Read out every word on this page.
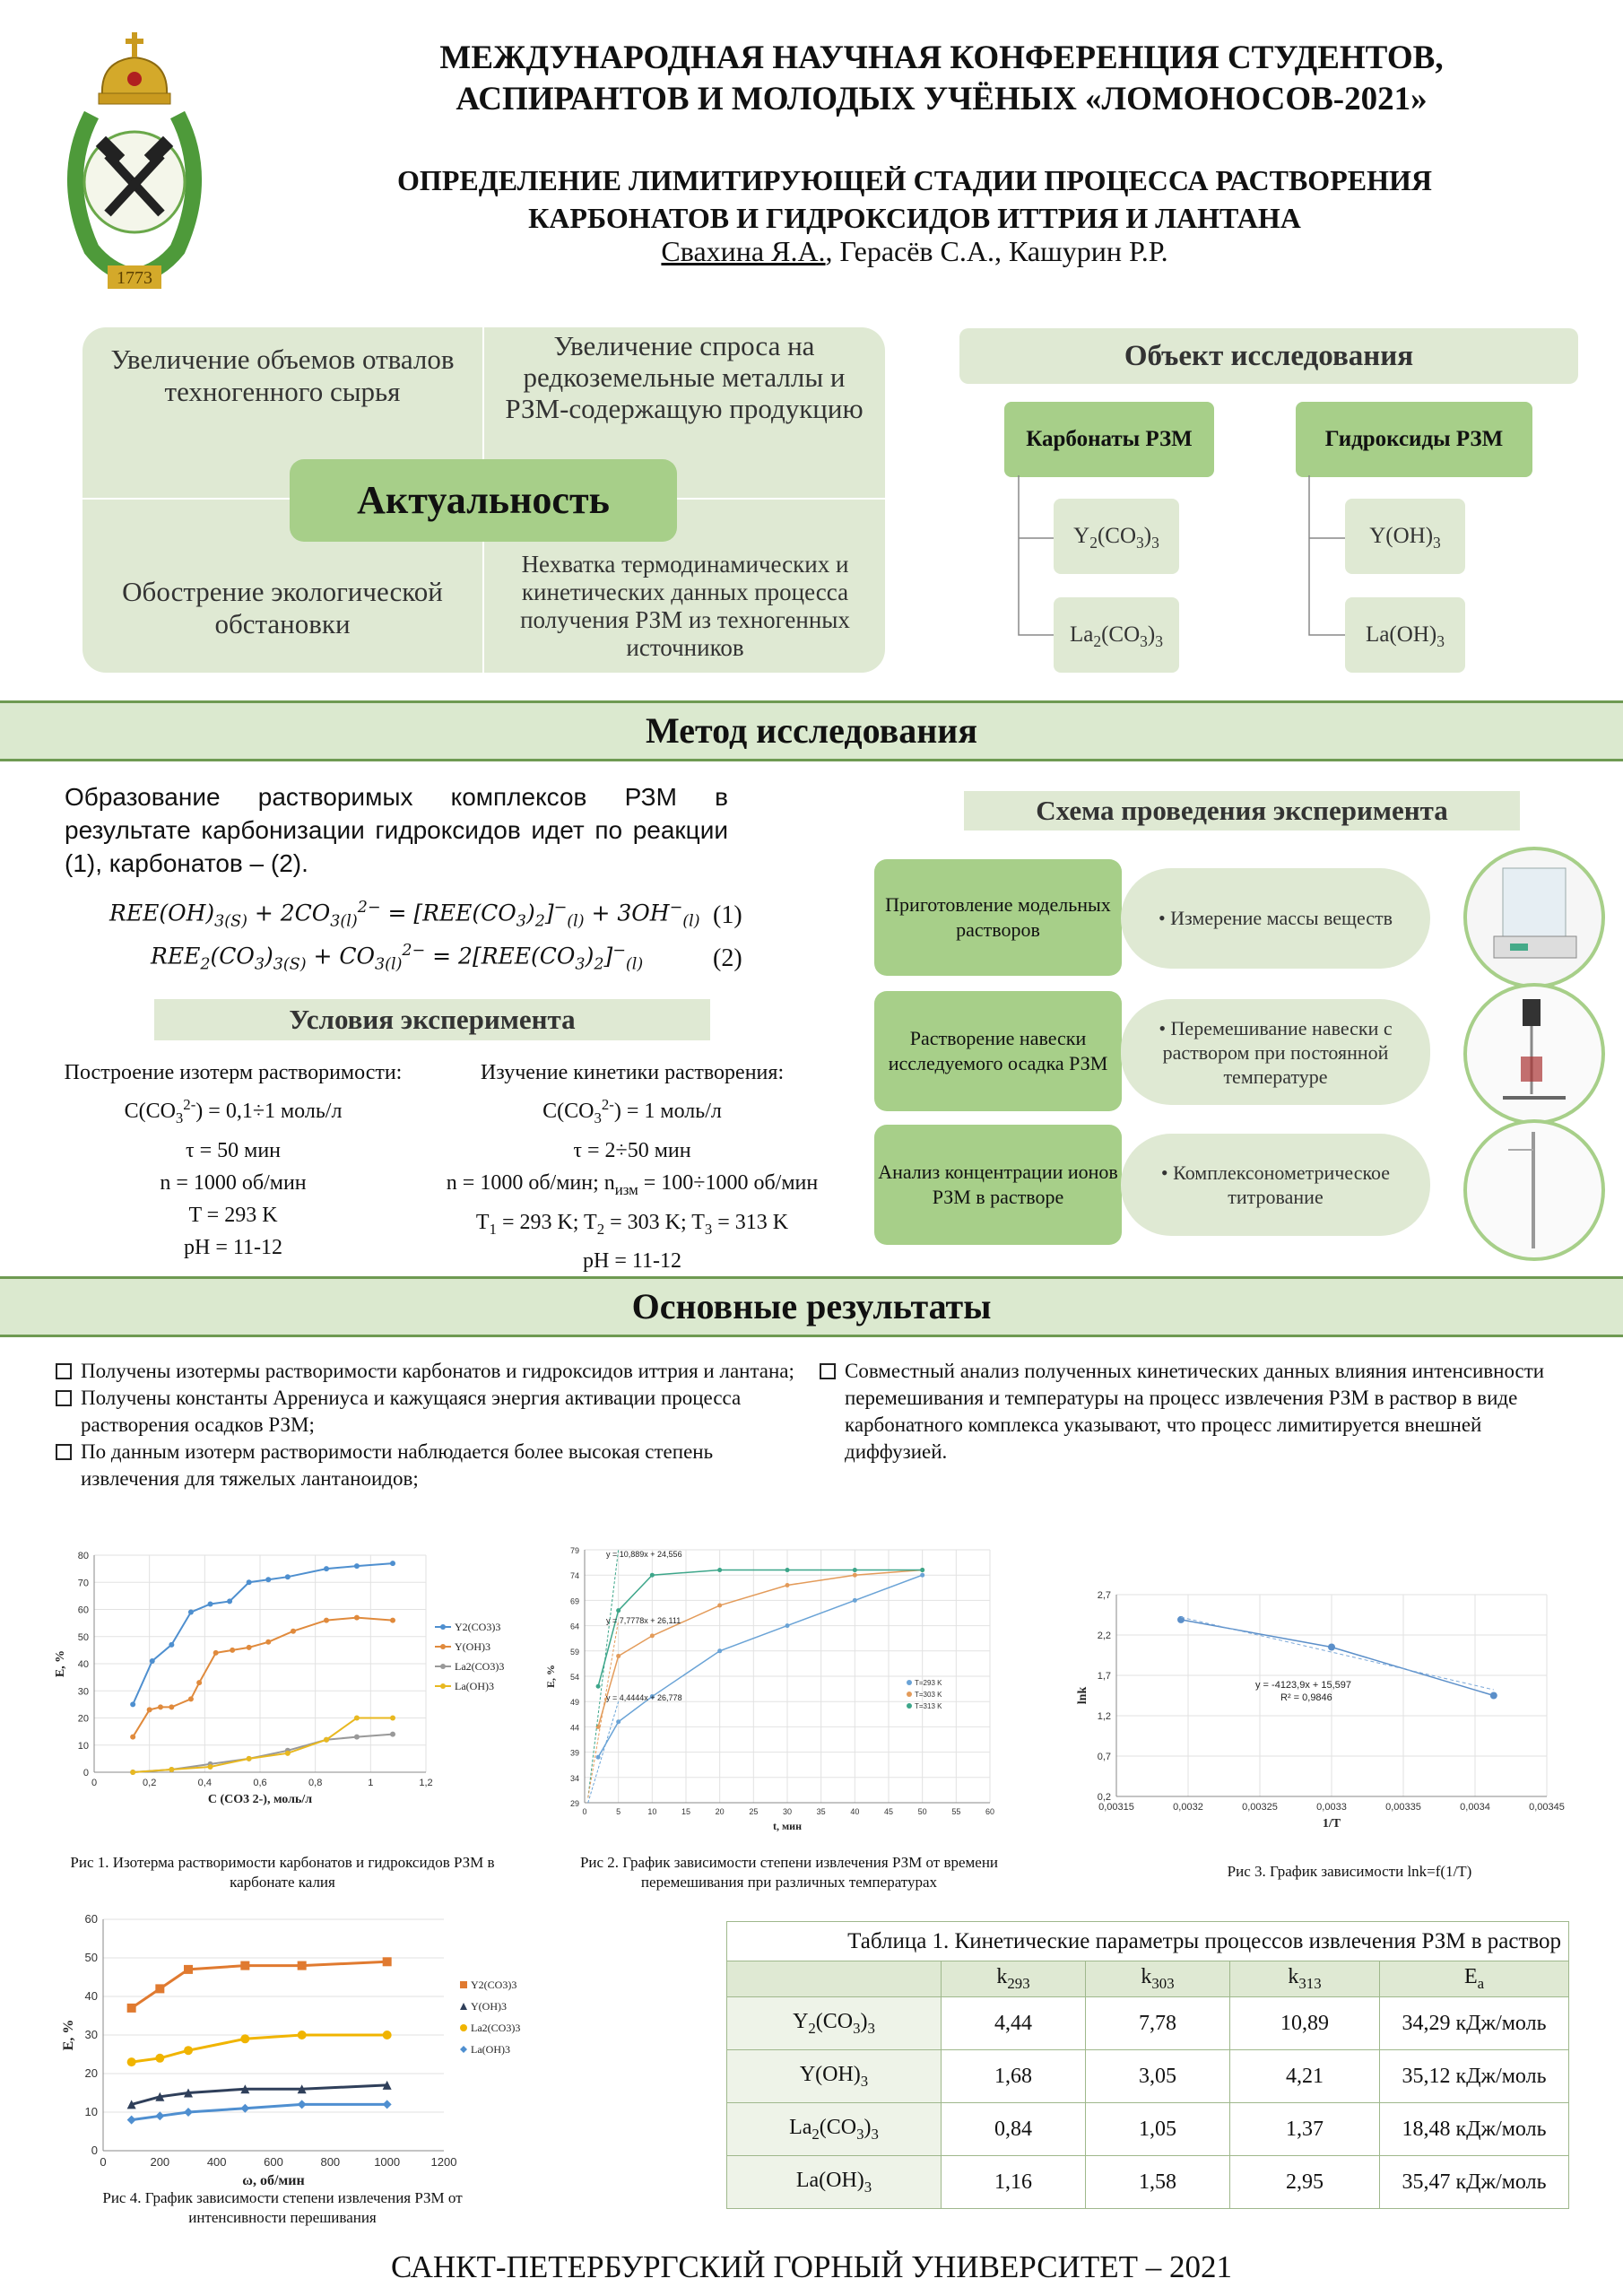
1773
МЕЖДУНАРОДНАЯ НАУЧНАЯ КОНФЕРЕНЦИЯ СТУДЕНТОВ,
АСПИРАНТОВ И МОЛОДЫХ УЧЁНЫХ «ЛОМОНОСОВ-2021»
ОПРЕДЕЛЕНИЕ ЛИМИТИРУЮЩЕЙ СТАДИИ ПРОЦЕССА РАСТВОРЕНИЯ
КАРБОНАТОВ И ГИДРОКСИДОВ ИТТРИЯ И ЛАНТАНА
Свахина Я.А., Герасёв С.А., Кашурин Р.Р.
Увеличение объемов отвалов техногенного сырья
Увеличение спроса на редкоземельные металлы и РЗМ-содержащую продукцию
Обострение экологической обстановки
Нехватка термодинамических и кинетических данных процесса получения РЗМ из техногенных источников
Актуальность
Объект исследования
Карбонаты РЗМ	Гидроксиды РЗМ
$Y_2(CO_3)_3$
$La_2(CO_3)_3$
$Y(OH)_3$
$La(OH)_3$
Метод исследования
Образование растворимых комплексов РЗМ в результате карбонизации гидроксидов идет по реакции (1), карбонатов – (2).
$REE(OH)_{3(S)} + 2CO_{3(l)}^{2-} = [REE(CO_3)_2]^-_{(l)} + 3OH^-_{(l)}$ (1)
$REE_2(CO_3)_{3(S)} + CO_{3(l)}^{2-} = 2[REE(CO_3)_2]^-_{(l)}$	(2)
Условия эксперимента
Построение изотерм растворимости:
$C(CO_3^{2-}) = 0,1\div 1$ моль/л
τ = 50 мин
n = 1000 об/мин
T = 293 K
pH = 11-12
Изучение кинетики растворения:
$C(CO_3^{2-}) = 1$ моль/л
τ = 2÷50 мин
n = 1000 об/мин; $n_{изм} = 100\div 1000$ об/мин
$T_1 = 293$ K; $T_2 = 303$ K; $T_3 = 313$ K
pH = 11-12
Схема проведения эксперимента
Приготовление модельных растворов
• Измерение массы веществ
Растворение навески исследуемого осадка РЗМ
• Перемешивание навески с раствором при постоянной температуре
Анализ концентрации ионов РЗМ в растворе
• Комплексонометрическое титрование
Основные результаты
Получены изотермы растворимости карбонатов и гидроксидов иттрия и лантана;
Получены константы Аррениуса и кажущаяся энергия активации процесса растворения осадков РЗМ;
По данным изотерм растворимости наблюдается более высокая степень извлечения для тяжелых лантаноидов;
Совместный анализ полученных кинетических данных влияния интенсивности перемешивания и температуры на процесс извлечения РЗМ в раствор в виде карбонатного комплекса указывают, что процесс лимитируется внешней диффузией.
0
10
20
30
40
50
60
70
80
0	0,2	0,4	0,6	0,8	1	1,2
C (CO3 2-), моль/л
E, %
Y2(CO3)3
Y(OH)3
La2(CO3)3
La(OH)3
Рис 1. Изотерма растворимости карбонатов и гидроксидов РЗМ в карбонате калия
29
34
39
44
49
54
59
64
69
74
79
0	5	10	15	20	25	30	35	40	45	50	55	60
t, мин
E, %
y = 10,889x + 24,556
y = 7,7778x + 26,111
y = 4,4444x + 26,778
T=293 K
T=303 K
T=313 K
Рис 2. График зависимости степени извлечения РЗМ от времени перемешивания при различных температурах
0,2
0,7
1,2
1,7
2,2
2,7
0,00315	0,0032	0,00325	0,0033	0,00335	0,0034	0,00345
1/T
lnk
y = -4123,9x + 15,597
R² = 0,9846
Рис 3. График зависимости lnk=f(1/T)
0
10
20
30
40
50
60
0	200	400	600	800	1000	1200
ω, об/мин
E, %
Y2(CO3)3
Y(OH)3
La2(CO3)3
La(OH)3
Рис 4. График зависимости степени извлечения РЗМ от интенсивности перешивания
Таблица 1. Кинетические параметры процессов извлечения РЗМ в раствор				
	$k_{293}$	$k_{303}$	$k_{313}$	$E_a$
$Y_2(CO_3)_3$	4,44	7,78	10,89	34,29 кДж/моль
$Y(OH)_3$	1,68	3,05	4,21	35,12 кДж/моль
$La_2(CO_3)_3$	0,84	1,05	1,37	18,48 кДж/моль
$La(OH)_3$	1,16	1,58	2,95	35,47 кДж/моль
САНКТ-ПЕТЕРБУРГСКИЙ ГОРНЫЙ УНИВЕРСИТЕТ – 2021
